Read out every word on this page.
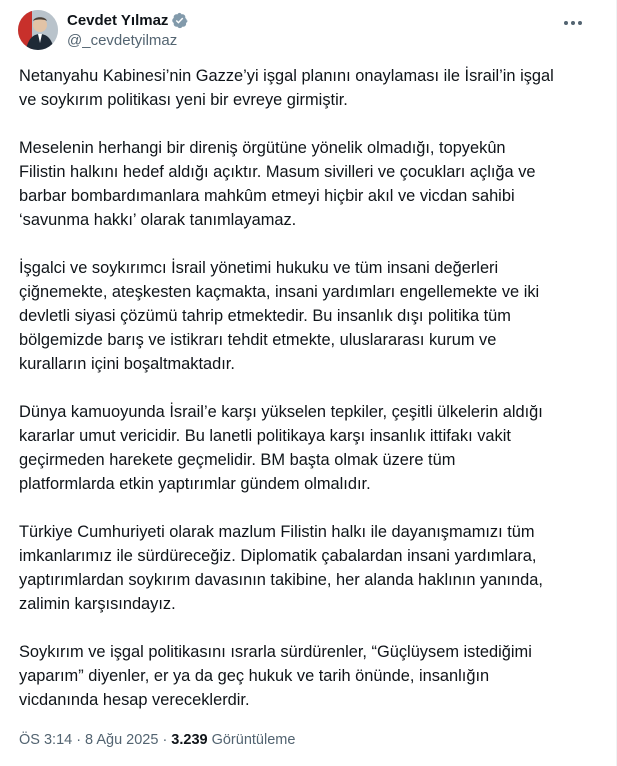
Cevdet Yılmaz
@_cevdetyilmaz

Netanyahu Kabinesi’nin Gazze’yi işgal planını onaylaması ile İsrail’in işgal
ve soykırım politikası yeni bir evreye girmiştir.

Meselenin herhangi bir direniş örgütüne yönelik olmadığı, topyekûn
Filistin halkını hedef aldığı açıktır. Masum sivilleri ve çocukları açlığa ve
barbar bombardımanlara mahkûm etmeyi hiçbir akıl ve vicdan sahibi
‘savunma hakkı’ olarak tanımlayamaz.

İşgalci ve soykırımcı İsrail yönetimi hukuku ve tüm insani değerleri
çiğnemekte, ateşkesten kaçmakta, insani yardımları engellemekte ve iki
devletli siyasi çözümü tahrip etmektedir. Bu insanlık dışı politika tüm
bölgemizde barış ve istikrarı tehdit etmekte, uluslararası kurum ve
kuralların içini boşaltmaktadır.

Dünya kamuoyunda İsrail’e karşı yükselen tepkiler, çeşitli ülkelerin aldığı
kararlar umut vericidir. Bu lanetli politikaya karşı insanlık ittifakı vakit
geçirmeden harekete geçmelidir. BM başta olmak üzere tüm
platformlarda etkin yaptırımlar gündem olmalıdır.

Türkiye Cumhuriyeti olarak mazlum Filistin halkı ile dayanışmamızı tüm
imkanlarımız ile sürdüreceğiz. Diplomatik çabalardan insani yardımlara,
yaptırımlardan soykırım davasının takibine, her alanda haklının yanında,
zalimin karşısındayız.

Soykırım ve işgal politikasını ısrarla sürdürenler, “Güçlüysem istediğimi
yaparım” diyenler, er ya da geç hukuk ve tarih önünde, insanlığın
vicdanında hesap vereceklerdir.

ÖS 3:14 · 8 Ağu 2025 · 3.239 Görüntüleme
